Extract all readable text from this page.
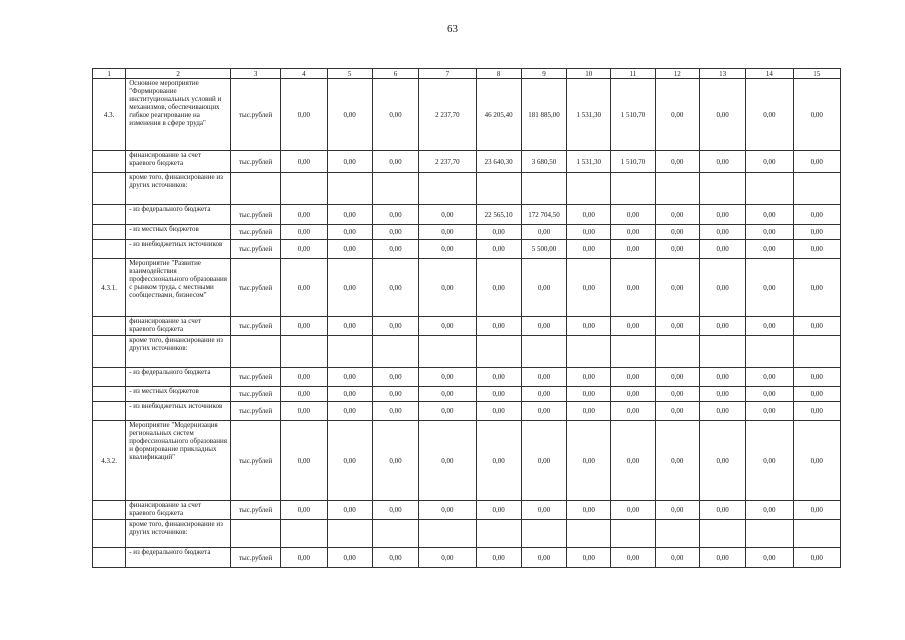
63
1	2	3	4	5	6	7	8	9	10	11	12	13	14	15
4.3.	Основное мероприятие "Формирование институциональных условий и механизмов, обеспечивающих гибкое реагирование на изменения в сфере труда"	тыс.рублей	0,00	0,00	0,00	2 237,70	46 205,40	181 885,00	1 531,30	1 510,70	0,00	0,00	0,00	0,00
	финансирование за счет краевого бюджета	тыс.рублей	0,00	0,00	0,00	2 237,70	23 640,30	3 680,50	1 531,30	1 510,70	0,00	0,00	0,00	0,00
	кроме того, финансирование из других источников:													
	- из федерального бюджета	тыс.рублей	0,00	0,00	0,00	0,00	22 565,10	172 704,50	0,00	0,00	0,00	0,00	0,00	0,00
	- из местных бюджетов	тыс.рублей	0,00	0,00	0,00	0,00	0,00	0,00	0,00	0,00	0,00	0,00	0,00	0,00
	- из внебюджетных источников	тыс.рублей	0,00	0,00	0,00	0,00	0,00	5 500,00	0,00	0,00	0,00	0,00	0,00	0,00
4.3.1.	Мероприятие "Развитие взаимодействия профессионального образования с рынком труда, с местными сообществами, бизнесом"	тыс.рублей	0,00	0,00	0,00	0,00	0,00	0,00	0,00	0,00	0,00	0,00	0,00	0,00
	финансирование за счет краевого бюджета	тыс.рублей	0,00	0,00	0,00	0,00	0,00	0,00	0,00	0,00	0,00	0,00	0,00	0,00
	кроме того, финансирование из других источников:													
	- из федерального бюджета	тыс.рублей	0,00	0,00	0,00	0,00	0,00	0,00	0,00	0,00	0,00	0,00	0,00	0,00
	- из местных бюджетов	тыс.рублей	0,00	0,00	0,00	0,00	0,00	0,00	0,00	0,00	0,00	0,00	0,00	0,00
	- из внебюджетных источников	тыс.рублей	0,00	0,00	0,00	0,00	0,00	0,00	0,00	0,00	0,00	0,00	0,00	0,00
4.3.2.	Мероприятие "Модернизация региональных систем профессионального образования и формирование прикладных квалификаций"	тыс.рублей	0,00	0,00	0,00	0,00	0,00	0,00	0,00	0,00	0,00	0,00	0,00	0,00
	финансирование за счет краевого бюджета	тыс.рублей	0,00	0,00	0,00	0,00	0,00	0,00	0,00	0,00	0,00	0,00	0,00	0,00
	кроме того, финансирование из других источников:													
	- из федерального бюджета	тыс.рублей	0,00	0,00	0,00	0,00	0,00	0,00	0,00	0,00	0,00	0,00	0,00	0,00
